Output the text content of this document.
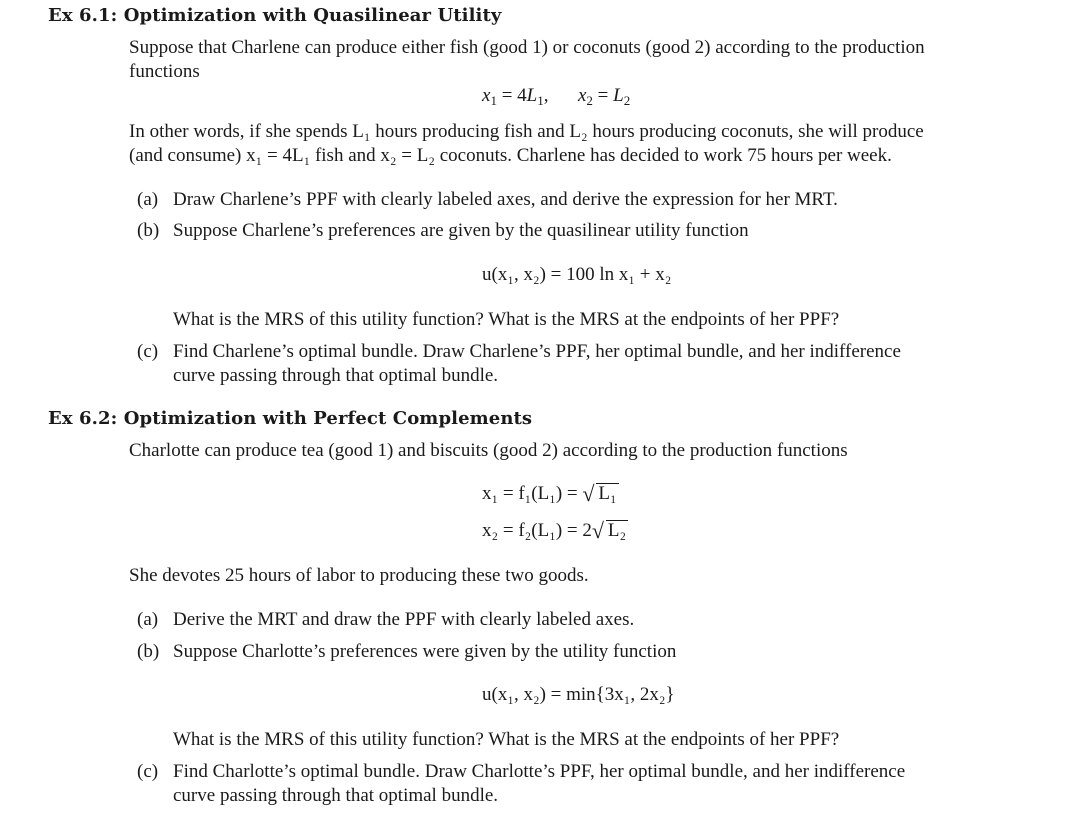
Ex 6.1: Optimization with Quasilinear Utility
Suppose that Charlene can produce either fish (good 1) or coconuts (good 2) according to the production
functions
$x_1 = 4L_1$, $x_2 = L_2$
In other words, if she spends L₁ hours producing fish and L₂ hours producing coconuts, she will produce
(and consume) x₁ = 4L₁ fish and x₂ = L₂ coconuts. Charlene has decided to work 75 hours per week.
(a) Draw Charlene’s PPF with clearly labeled axes, and derive the expression for her MRT.
(b) Suppose Charlene’s preferences are given by the quasilinear utility function
u(x₁, x₂) = 100 ln x₁ + x₂
What is the MRS of this utility function? What is the MRS at the endpoints of her PPF?
(c) Find Charlene’s optimal bundle. Draw Charlene’s PPF, her optimal bundle, and her indifference
curve passing through that optimal bundle.
Ex 6.2: Optimization with Perfect Complements
Charlotte can produce tea (good 1) and biscuits (good 2) according to the production functions
x₁ = f₁(L₁) = √ L₁
x₂ = f₂(L₁) = 2√ L₂
She devotes 25 hours of labor to producing these two goods.
(a) Derive the MRT and draw the PPF with clearly labeled axes.
(b) Suppose Charlotte’s preferences were given by the utility function
u(x₁, x₂) = min{3x₁, 2x₂}
What is the MRS of this utility function? What is the MRS at the endpoints of her PPF?
(c) Find Charlotte’s optimal bundle. Draw Charlotte’s PPF, her optimal bundle, and her indifference
curve passing through that optimal bundle.
